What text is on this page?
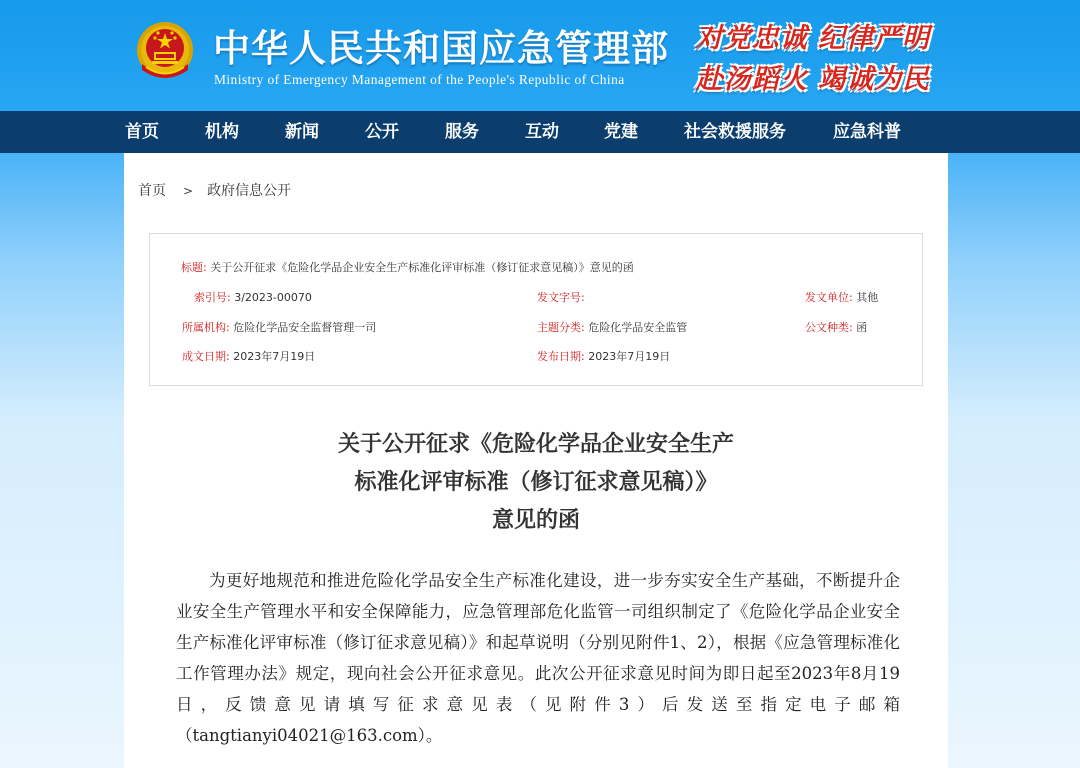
中华人民共和国应急管理部
Ministry of Emergency Management of the People's Republic of China
对党忠诚 纪律严明
赴汤蹈火 竭诚为民
首页	机构	新闻	公开	服务	互动	党建	社会救援服务	应急科普
首页 > 政府信息公开
标题: 关于公开征求《危险化学品企业安全生产标准化评审标准（修订征求意见稿）》意见的函
索引号: 3/2023-00070	发文字号:	发文单位: 其他
所属机构: 危险化学品安全监督管理一司	主题分类: 危险化学品安全监管	公文种类: 函
成文日期: 2023年7月19日	发布日期: 2023年7月19日
关于公开征求《危险化学品企业安全生产
标准化评审标准（修订征求意见稿）》
意见的函

为更好地规范和推进危险化学品安全生产标准化建设，进一步夯实安全生产基础，不断提升企业安全生产管理水平和安全保障能力，应急管理部危化监管一司组织制定了《危险化学品企业安全生产标准化评审标准（修订征求意见稿）》和起草说明（分别见附件1、2），根据《应急管理标准化工作管理办法》规定，现向社会公开征求意见。此次公开征求意见时间为即日起至2023年8月19日，反馈意见请填写征求意见表（见附件3）后发送至指定电子邮箱（tangtianyi04021@163.com）。
